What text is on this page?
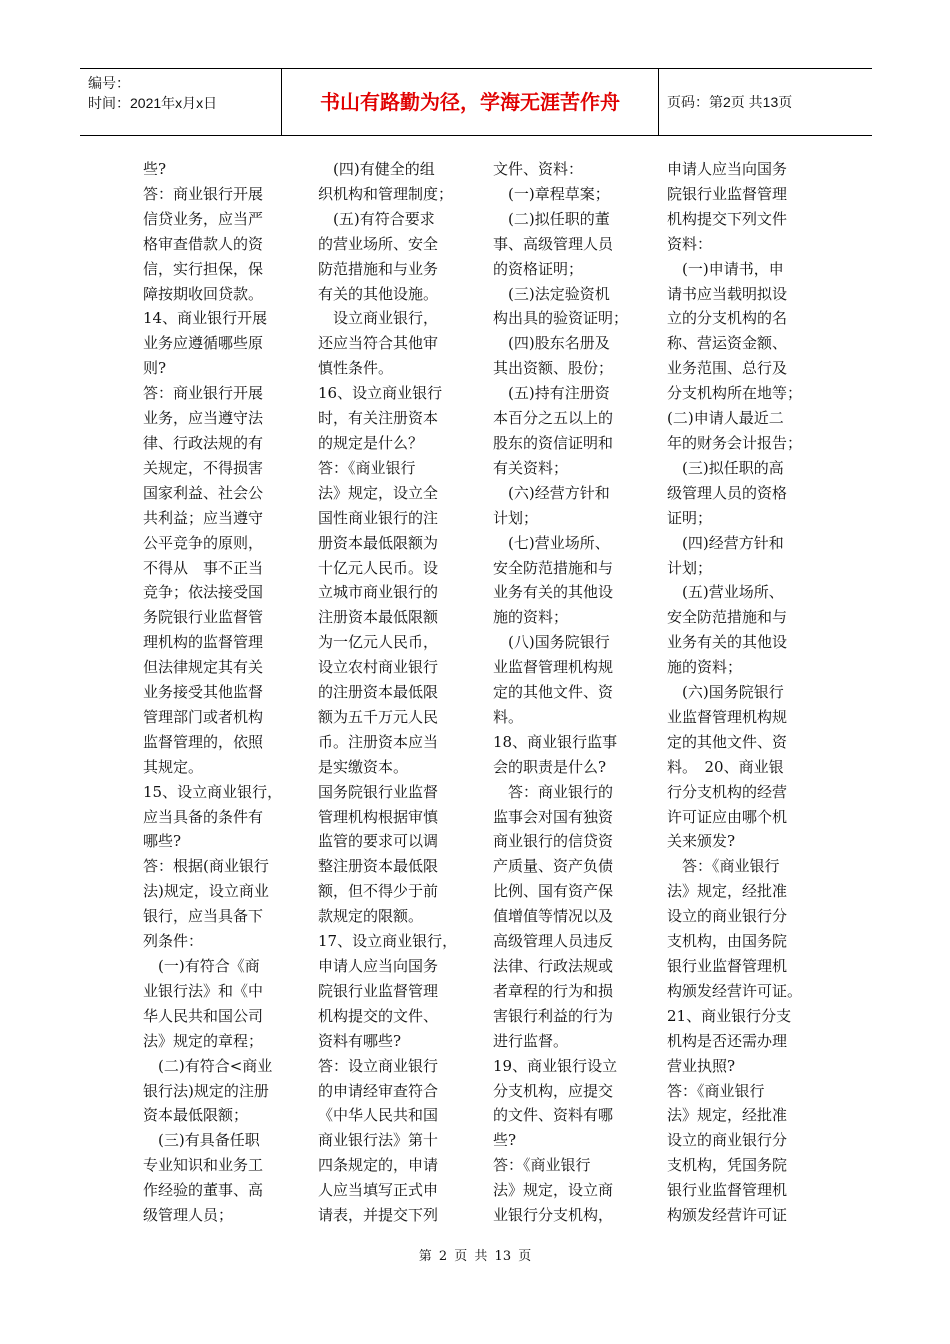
编号：
时间：2021年x月x日	书山有路勤为径，学海无涯苦作舟	页码：第2页 共13页

些?

答：商业银行开展

信贷业务，应当严

格审查借款人的资

信，实行担保，保

障按期收回贷款。

14、商业银行开展

业务应遵循哪些原

则?

答：商业银行开展

业务，应当遵守法

律、行政法规的有

关规定，不得损害

国家利益、社会公

共利益；应当遵守

公平竞争的原则，

不得从　事不正当

竞争；依法接受国

务院银行业监督管

理机构的监督管理

但法律规定其有关

业务接受其他监督

管理部门或者机构

监督管理的，依照

其规定。

15、设立商业银行，

应当具备的条件有

哪些?

答：根据(商业银行

法)规定，设立商业

银行，应当具备下

列条件：

　(一)有符合《商

业银行法》和《中

华人民共和国公司

法》规定的章程；

　(二)有符合<商业

银行法)规定的注册

资本最低限额；

　(三)有具备任职

专业知识和业务工

作经验的董事、高

级管理人员；

　(四)有健全的组

织机构和管理制度；

　(五)有符合要求

的营业场所、安全

防范措施和与业务

有关的其他设施。

　设立商业银行，

还应当符合其他审

慎性条件。

16、设立商业银行

时，有关注册资本

的规定是什么？

答：《商业银行

法》规定，设立全

国性商业银行的注

册资本最低限额为

十亿元人民币。设

立城市商业银行的

注册资本最低限额

为一亿元人民币，

设立农村商业银行

的注册资本最低限

额为五千万元人民

币。注册资本应当

是实缴资本。

国务院银行业监督

管理机构根据审慎

监管的要求可以调

整注册资本最低限

额，但不得少于前

款规定的限额。

17、设立商业银行，

申请人应当向国务

院银行业监督管理

机构提交的文件、

资料有哪些?

答：设立商业银行

的申请经审查符合

《中华人民共和国

商业银行法》第十

四条规定的，申请

人应当填写正式申

请表，并提交下列

文件、资料：

　(一)章程草案；

　(二)拟任职的董

事、高级管理人员

的资格证明；

　(三)法定验资机

构出具的验资证明；

　(四)股东名册及

其出资额、股份；

　(五)持有注册资

本百分之五以上的

股东的资信证明和

有关资料；

　(六)经营方针和

计划；

　(七)营业场所、

安全防范措施和与

业务有关的其他设

施的资料；

　(八)国务院银行

业监督管理机构规

定的其他文件、资

料。

18、商业银行监事

会的职责是什么?

　答：商业银行的

监事会对国有独资

商业银行的信贷资

产质量、资产负债

比例、国有资产保

值增值等情况以及

高级管理人员违反

法律、行政法规或

者章程的行为和损

害银行利益的行为

进行监督。

19、商业银行设立

分支机构，应提交

的文件、资料有哪

些?

答：《商业银行

法》规定，设立商

业银行分支机构，

申请人应当向国务

院银行业监督管理

机构提交下列文件

资料：

　(一)申请书，申

请书应当载明拟设

立的分支机构的名

称、营运资金额、

业务范围、总行及

分支机构所在地等；

(二)申请人最近二

年的财务会计报告；

　(三)拟任职的高

级管理人员的资格

证明；

　(四)经营方针和

计划；

　(五)营业场所、

安全防范措施和与

业务有关的其他设

施的资料；

　(六)国务院银行

业监督管理机构规

定的其他文件、资

料。　20、商业银

行分支机构的经营

许可证应由哪个机

关来颁发?

　答：《商业银行

法》规定，经批准

设立的商业银行分

支机构，由国务院

银行业监督管理机

构颁发经营许可证。

21、商业银行分支

机构是否还需办理

营业执照?

答：《商业银行

法》规定，经批准

设立的商业银行分

支机构，凭国务院

银行业监督管理机

构颁发经营许可证

第 2 页 共 13 页
